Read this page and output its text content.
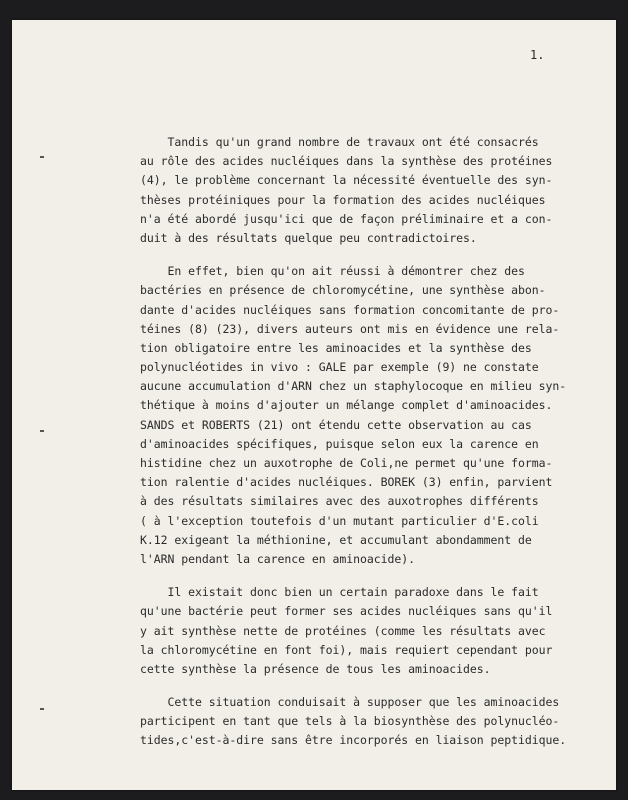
1.
Tandis qu'un grand nombre de travaux ont été consacrés
au rôle des acides nucléiques dans la synthèse des protéines
(4), le problème concernant la nécessité éventuelle des syn-
thèses protéiniques pour la formation des acides nucléiques
n'a été abordé jusqu'ici que de façon préliminaire et a con-
duit à des résultats quelque peu contradictoires.
En effet, bien qu'on ait réussi à démontrer chez des
bactéries en présence de chloromycétine, une synthèse abon-
dante d'acides nucléiques sans formation concomitante de pro-
téines (8) (23), divers auteurs ont mis en évidence une rela-
tion obligatoire entre les aminoacides et la synthèse des
polynucléotides in vivo : GALE par exemple (9) ne constate
aucune accumulation d'ARN chez un staphylocoque en milieu syn-
thétique à moins d'ajouter un mélange complet d'aminoacides.
SANDS et ROBERTS (21) ont étendu cette observation au cas
d'aminoacides spécifiques, puisque selon eux la carence en
histidine chez un auxotrophe de Coli,ne permet qu'une forma-
tion ralentie d'acides nucléiques. BOREK (3) enfin, parvient
à des résultats similaires avec des auxotrophes différents
( à l'exception toutefois d'un mutant particulier d'E.coli
K.12 exigeant la méthionine, et accumulant abondamment de
l'ARN pendant la carence en aminoacide).
Il existait donc bien un certain paradoxe dans le fait
qu'une bactérie peut former ses acides nucléiques sans qu'il
y ait synthèse nette de protéines (comme les résultats avec
la chloromycétine en font foi), mais requiert cependant pour
cette synthèse la présence de tous les aminoacides.
Cette situation conduisait à supposer que les aminoacides
participent en tant que tels à la biosynthèse des polynucléo-
tides,c'est-à-dire sans être incorporés en liaison peptidique.
